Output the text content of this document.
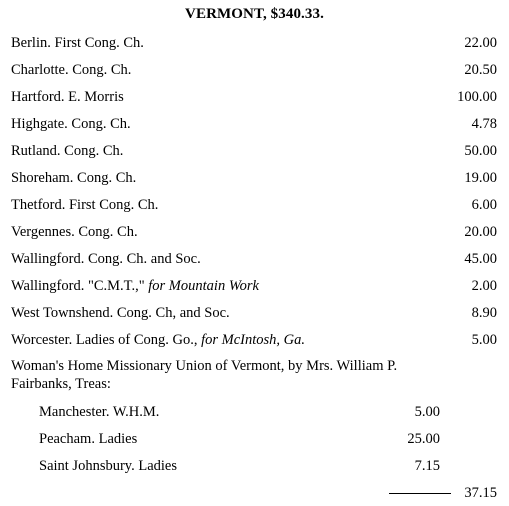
VERMONT, $340.33.
Berlin. First Cong. Ch.	22.00
Charlotte. Cong. Ch.	20.50
Hartford. E. Morris	100.00
Highgate. Cong. Ch.	4.78
Rutland. Cong. Ch.	50.00
Shoreham. Cong. Ch.	19.00
Thetford. First Cong. Ch.	6.00
Vergennes. Cong. Ch.	20.00
Wallingford. Cong. Ch. and Soc.	45.00
Wallingford. "C.M.T.," for Mountain Work	2.00
West Townshend. Cong. Ch, and Soc.	8.90
Worcester. Ladies of Cong. Go., for McIntosh, Ga.	5.00
Woman's Home Missionary Union of Vermont, by Mrs. William P. Fairbanks, Treas:
Manchester. W.H.M.	5.00
Peacham. Ladies	25.00
Saint Johnsbury. Ladies	7.15
37.15
